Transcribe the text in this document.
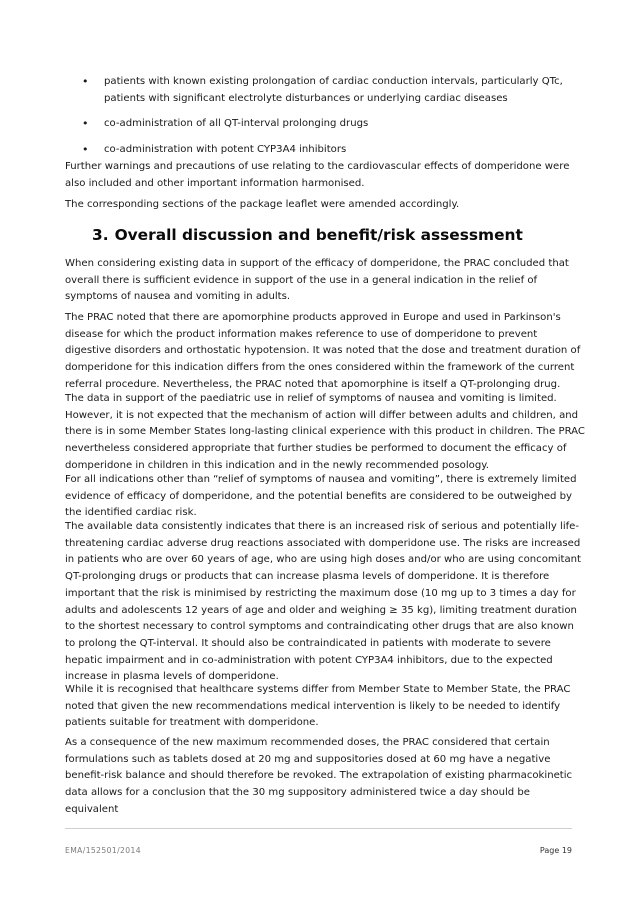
• patients with known existing prolongation of cardiac conduction intervals, particularly QTc, patients with significant electrolyte disturbances or underlying cardiac diseases
• co-administration of all QT-interval prolonging drugs
• co-administration with potent CYP3A4 inhibitors

Further warnings and precautions of use relating to the cardiovascular effects of domperidone were also included and other important information harmonised.

The corresponding sections of the package leaflet were amended accordingly.

3. Overall discussion and benefit/risk assessment

When considering existing data in support of the efficacy of domperidone, the PRAC concluded that overall there is sufficient evidence in support of the use in a general indication in the relief of symptoms of nausea and vomiting in adults.

The PRAC noted that there are apomorphine products approved in Europe and used in Parkinson's disease for which the product information makes reference to use of domperidone to prevent digestive disorders and orthostatic hypotension. It was noted that the dose and treatment duration of domperidone for this indication differs from the ones considered within the framework of the current referral procedure. Nevertheless, the PRAC noted that apomorphine is itself a QT-prolonging drug.

The data in support of the paediatric use in relief of symptoms of nausea and vomiting is limited. However, it is not expected that the mechanism of action will differ between adults and children, and there is in some Member States long-lasting clinical experience with this product in children. The PRAC nevertheless considered appropriate that further studies be performed to document the efficacy of domperidone in children in this indication and in the newly recommended posology.

For all indications other than “relief of symptoms of nausea and vomiting”, there is extremely limited evidence of efficacy of domperidone, and the potential benefits are considered to be outweighed by the identified cardiac risk.

The available data consistently indicates that there is an increased risk of serious and potentially life-threatening cardiac adverse drug reactions associated with domperidone use. The risks are increased in patients who are over 60 years of age, who are using high doses and/or who are using concomitant QT-prolonging drugs or products that can increase plasma levels of domperidone. It is therefore important that the risk is minimised by restricting the maximum dose (10 mg up to 3 times a day for adults and adolescents 12 years of age and older and weighing ≥ 35 kg), limiting treatment duration to the shortest necessary to control symptoms and contraindicating other drugs that are also known to prolong the QT-interval. It should also be contraindicated in patients with moderate to severe hepatic impairment and in co-administration with potent CYP3A4 inhibitors, due to the expected increase in plasma levels of domperidone.

While it is recognised that healthcare systems differ from Member State to Member State, the PRAC noted that given the new recommendations medical intervention is likely to be needed to identify patients suitable for treatment with domperidone.

As a consequence of the new maximum recommended doses, the PRAC considered that certain formulations such as tablets dosed at 20 mg and suppositories dosed at 60 mg have a negative benefit-risk balance and should therefore be revoked. The extrapolation of existing pharmacokinetic data allows for a conclusion that the 30 mg suppository administered twice a day should be equivalent

EMA/152501/2014	Page 19
